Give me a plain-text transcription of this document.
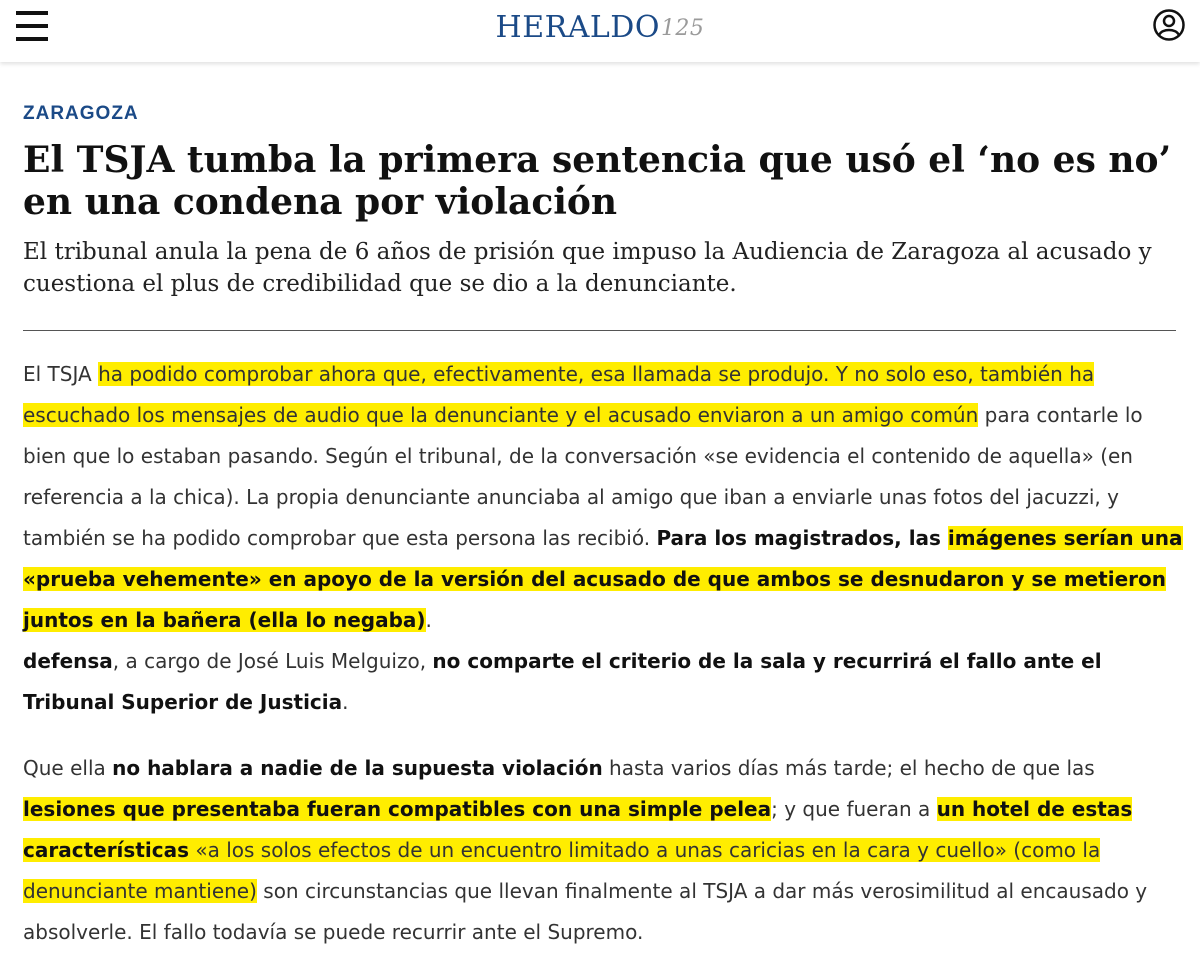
HERALDO125
ZARAGOZA
El TSJA tumba la primera sentencia que usó el ‘no es no’ en una condena por violación

El tribunal anula la pena de 6 años de prisión que impuso la Audiencia de Zaragoza al acusado y cuestiona el plus de credibilidad que se dio a la denunciante.

El TSJA ha podido comprobar ahora que, efectivamente, esa llamada se produjo. Y no solo eso, también ha escuchado los mensajes de audio que la denunciante y el acusado enviaron a un amigo común para contarle lo bien que lo estaban pasando. Según el tribunal, de la conversación «se evidencia el contenido de aquella» (en referencia a la chica). La propia denunciante anunciaba al amigo que iban a enviarle unas fotos del jacuzzi, y también se ha podido comprobar que esta persona las recibió. Para los magistrados, las imágenes serían una «prueba vehemente» en apoyo de la versión del acusado de que ambos se desnudaron y se metieron juntos en la bañera (ella lo negaba).

defensa, a cargo de José Luis Melguizo, no comparte el criterio de la sala y recurrirá el fallo ante el Tribunal Superior de Justicia.

Que ella no hablara a nadie de la supuesta violación hasta varios días más tarde; el hecho de que las lesiones que presentaba fueran compatibles con una simple pelea; y que fueran a un hotel de estas características «a los solos efectos de un encuentro limitado a unas caricias en la cara y cuello» (como la denunciante mantiene) son circunstancias que llevan finalmente al TSJA a dar más verosimilitud al encausado y absolverle. El fallo todavía se puede recurrir ante el Supremo.
